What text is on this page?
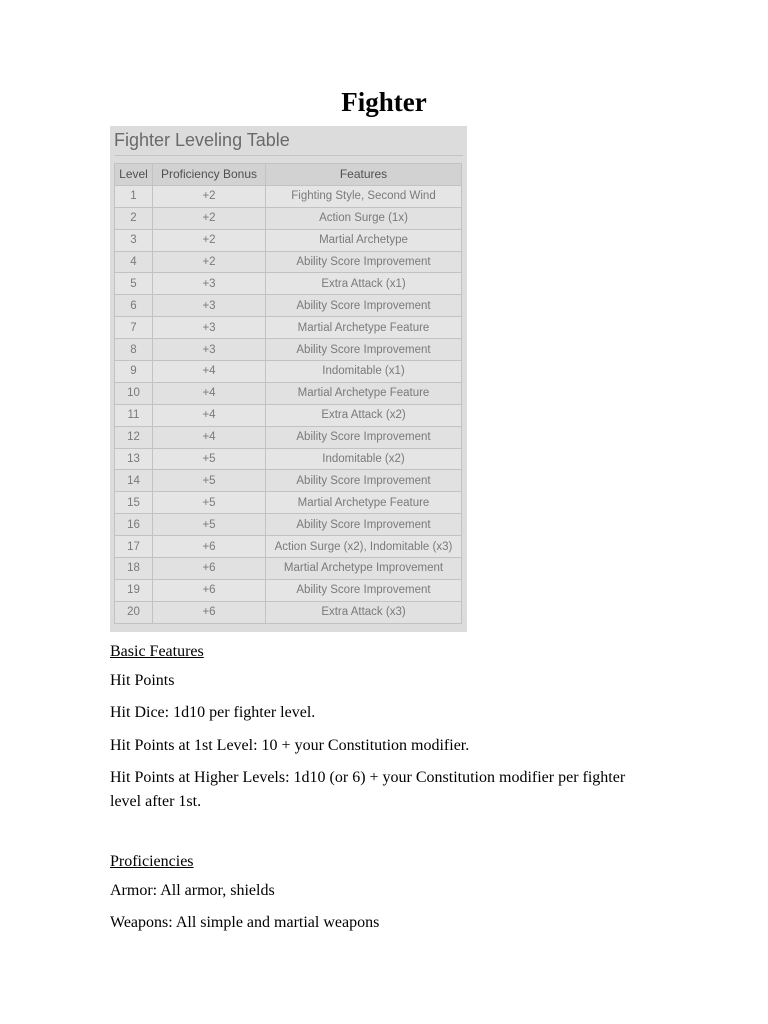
Fighter
Fighter Leveling Table
Level	Proficiency Bonus	Features
1	+2	Fighting Style, Second Wind
2	+2	Action Surge (1x)
3	+2	Martial Archetype
4	+2	Ability Score Improvement
5	+3	Extra Attack (x1)
6	+3	Ability Score Improvement
7	+3	Martial Archetype Feature
8	+3	Ability Score Improvement
9	+4	Indomitable (x1)
10	+4	Martial Archetype Feature
11	+4	Extra Attack (x2)
12	+4	Ability Score Improvement
13	+5	Indomitable (x2)
14	+5	Ability Score Improvement
15	+5	Martial Archetype Feature
16	+5	Ability Score Improvement
17	+6	Action Surge (x2), Indomitable (x3)
18	+6	Martial Archetype Improvement
19	+6	Ability Score Improvement
20	+6	Extra Attack (x3)
Basic Features
Hit Points
Hit Dice: 1d10 per fighter level.
Hit Points at 1st Level: 10 + your Constitution modifier.
Hit Points at Higher Levels: 1d10 (or 6) + your Constitution modifier per fighter level after 1st.
Proficiencies
Armor: All armor, shields
Weapons: All simple and martial weapons
